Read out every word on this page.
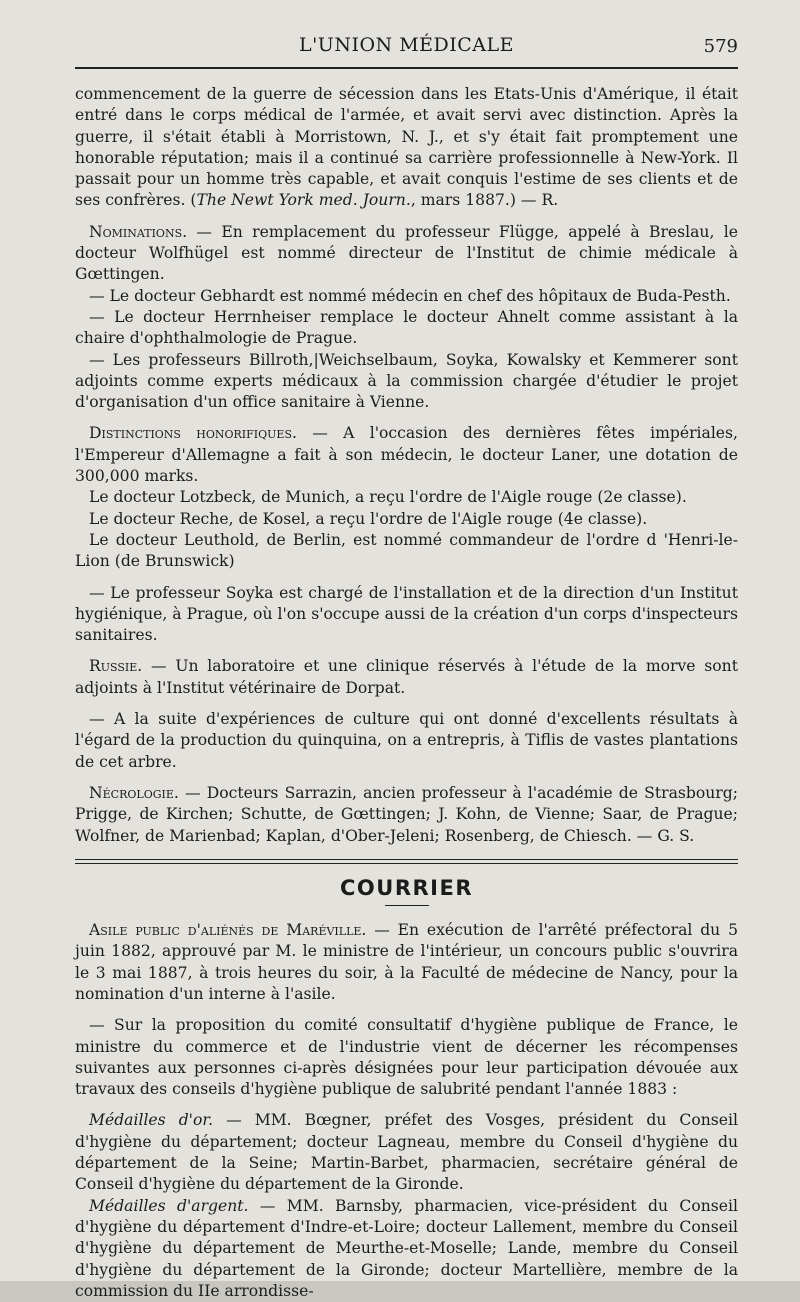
L'UNION MÉDICALE	579

commencement de la guerre de sécession dans les Etats-Unis d'Amérique, il était entré dans le corps médical de l'armée, et avait servi avec distinction. Après la guerre, il s'était établi à Morristown, N. J., et s'y était fait promptement une honorable réputation; mais il a continué sa carrière professionnelle à New-York. Il passait pour un homme très capable, et avait conquis l'estime de ses clients et de ses confrères. (The Newt York med. Journ., mars 1887.) — R.

Nominations. — En remplacement du professeur Flügge, appelé à Breslau, le docteur Wolfhügel est nommé directeur de l'Institut de chimie médicale à Gœttingen.

— Le docteur Gebhardt est nommé médecin en chef des hôpitaux de Buda-Pesth.

— Le docteur Herrnheiser remplace le docteur Ahnelt comme assistant à la chaire d'ophthalmologie de Prague.

— Les professeurs Billroth,|Weichselbaum, Soyka, Kowalsky et Kemmerer sont adjoints comme experts médicaux à la commission chargée d'étudier le projet d'organisation d'un office sanitaire à Vienne.

Distinctions honorifiques. — A l'occasion des dernières fêtes impériales, l'Empereur d'Allemagne a fait à son médecin, le docteur Laner, une dotation de 300,000 marks.

Le docteur Lotzbeck, de Munich, a reçu l'ordre de l'Aigle rouge (2e classe).

Le docteur Reche, de Kosel, a reçu l'ordre de l'Aigle rouge (4e classe).

Le docteur Leuthold, de Berlin, est nommé commandeur de l'ordre d 'Henri-le-Lion (de Brunswick)

— Le professeur Soyka est chargé de l'installation et de la direction d'un Institut hygiénique, à Prague, où l'on s'occupe aussi de la création d'un corps d'inspecteurs sanitaires.

Russie. — Un laboratoire et une clinique réservés à l'étude de la morve sont adjoints à l'Institut vétérinaire de Dorpat.

— A la suite d'expériences de culture qui ont donné d'excellents résultats à l'égard de la production du quinquina, on a entrepris, à Tiflis de vastes plantations de cet arbre.

Nécrologie. — Docteurs Sarrazin, ancien professeur à l'académie de Strasbourg; Prigge, de Kirchen; Schutte, de Gœttingen; J. Kohn, de Vienne; Saar, de Prague; Wolfner, de Marienbad; Kaplan, d'Ober-Jeleni; Rosenberg, de Chiesch. — G. S.

COURRIER

Asile public d'aliénés de Maréville. — En exécution de l'arrêté préfectoral du 5 juin 1882, approuvé par M. le ministre de l'intérieur, un concours public s'ouvrira le 3 mai 1887, à trois heures du soir, à la Faculté de médecine de Nancy, pour la nomination d'un interne à l'asile.

— Sur la proposition du comité consultatif d'hygiène publique de France, le ministre du commerce et de l'industrie vient de décerner les récompenses suivantes aux personnes ci-après désignées pour leur participation dévouée aux travaux des conseils d'hygiène publique de salubrité pendant l'année 1883 :

Médailles d'or. — MM. Bœgner, préfet des Vosges, président du Conseil d'hygiène du département; docteur Lagneau, membre du Conseil d'hygiène du département de la Seine; Martin-Barbet, pharmacien, secrétaire général de Conseil d'hygiène du département de la Gironde.

Médailles d'argent. — MM. Barnsby, pharmacien, vice-président du Conseil d'hygiène du département d'Indre-et-Loire; docteur Lallement, membre du Conseil d'hygiène du département de Meurthe-et-Moselle; Lande, membre du Conseil d'hygiène du département de la Gironde; docteur Martellière, membre de la commission du IIe arrondisse-
